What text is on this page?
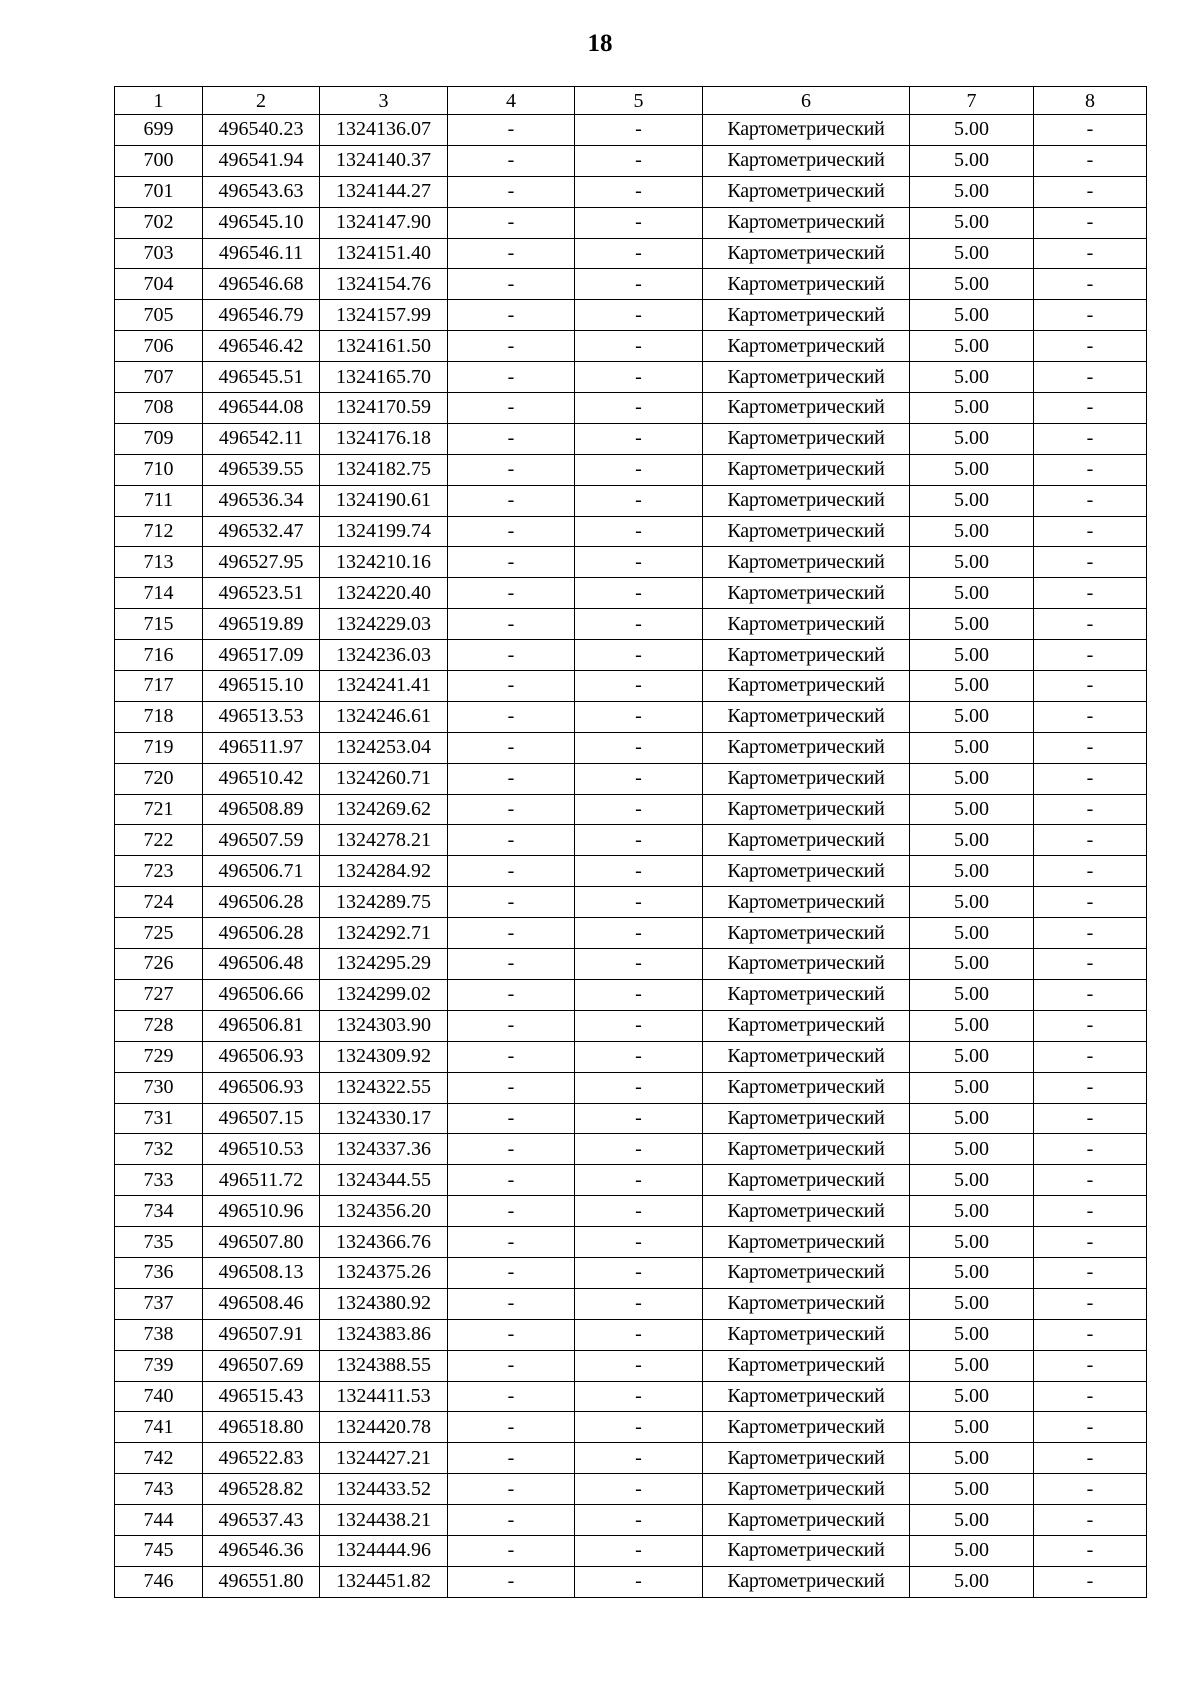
18
1	2	3	4	5	6	7	8
699	496540.23	1324136.07	-	-	Картометрический	5.00	-
700	496541.94	1324140.37	-	-	Картометрический	5.00	-
701	496543.63	1324144.27	-	-	Картометрический	5.00	-
702	496545.10	1324147.90	-	-	Картометрический	5.00	-
703	496546.11	1324151.40	-	-	Картометрический	5.00	-
704	496546.68	1324154.76	-	-	Картометрический	5.00	-
705	496546.79	1324157.99	-	-	Картометрический	5.00	-
706	496546.42	1324161.50	-	-	Картометрический	5.00	-
707	496545.51	1324165.70	-	-	Картометрический	5.00	-
708	496544.08	1324170.59	-	-	Картометрический	5.00	-
709	496542.11	1324176.18	-	-	Картометрический	5.00	-
710	496539.55	1324182.75	-	-	Картометрический	5.00	-
711	496536.34	1324190.61	-	-	Картометрический	5.00	-
712	496532.47	1324199.74	-	-	Картометрический	5.00	-
713	496527.95	1324210.16	-	-	Картометрический	5.00	-
714	496523.51	1324220.40	-	-	Картометрический	5.00	-
715	496519.89	1324229.03	-	-	Картометрический	5.00	-
716	496517.09	1324236.03	-	-	Картометрический	5.00	-
717	496515.10	1324241.41	-	-	Картометрический	5.00	-
718	496513.53	1324246.61	-	-	Картометрический	5.00	-
719	496511.97	1324253.04	-	-	Картометрический	5.00	-
720	496510.42	1324260.71	-	-	Картометрический	5.00	-
721	496508.89	1324269.62	-	-	Картометрический	5.00	-
722	496507.59	1324278.21	-	-	Картометрический	5.00	-
723	496506.71	1324284.92	-	-	Картометрический	5.00	-
724	496506.28	1324289.75	-	-	Картометрический	5.00	-
725	496506.28	1324292.71	-	-	Картометрический	5.00	-
726	496506.48	1324295.29	-	-	Картометрический	5.00	-
727	496506.66	1324299.02	-	-	Картометрический	5.00	-
728	496506.81	1324303.90	-	-	Картометрический	5.00	-
729	496506.93	1324309.92	-	-	Картометрический	5.00	-
730	496506.93	1324322.55	-	-	Картометрический	5.00	-
731	496507.15	1324330.17	-	-	Картометрический	5.00	-
732	496510.53	1324337.36	-	-	Картометрический	5.00	-
733	496511.72	1324344.55	-	-	Картометрический	5.00	-
734	496510.96	1324356.20	-	-	Картометрический	5.00	-
735	496507.80	1324366.76	-	-	Картометрический	5.00	-
736	496508.13	1324375.26	-	-	Картометрический	5.00	-
737	496508.46	1324380.92	-	-	Картометрический	5.00	-
738	496507.91	1324383.86	-	-	Картометрический	5.00	-
739	496507.69	1324388.55	-	-	Картометрический	5.00	-
740	496515.43	1324411.53	-	-	Картометрический	5.00	-
741	496518.80	1324420.78	-	-	Картометрический	5.00	-
742	496522.83	1324427.21	-	-	Картометрический	5.00	-
743	496528.82	1324433.52	-	-	Картометрический	5.00	-
744	496537.43	1324438.21	-	-	Картометрический	5.00	-
745	496546.36	1324444.96	-	-	Картометрический	5.00	-
746	496551.80	1324451.82	-	-	Картометрический	5.00	-
